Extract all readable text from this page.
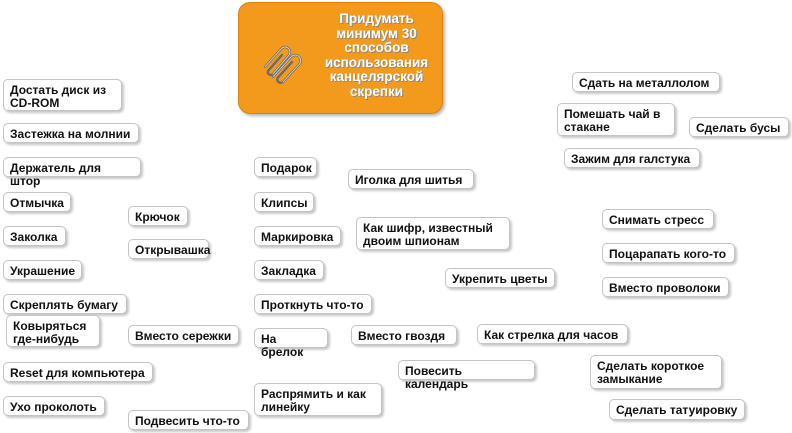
Придумать
минимум 30
способов
использования
канцелярской
скрепки
Достать диск из
CD-ROM
Застежка на молнии
Держатель для штор
Отмычка
Заколка
Украшение
Скреплять бумагу
Ковыряться
где-нибудь
Reset для компьютера
Ухо проколоть
Крючок
Открывашка
Вместо сережки
Подвесить что-то
Подарок
Клипсы
Маркировка
Закладка
Проткнуть что-то
На брелок
Распрямить и как
линейку
Иголка для шитья
Как шифр, известный
двоим шпионам
Вместо гвоздя
Повесить календарь
Укрепить цветы
Как стрелка для часов
Сдать на металлолом
Помешать чай в
стакане	Сделать бусы
Зажим для галстука
Снимать стресс
Поцарапать кого-то
Вместо проволоки
Сделать короткое
замыкание
Сделать татуировку
